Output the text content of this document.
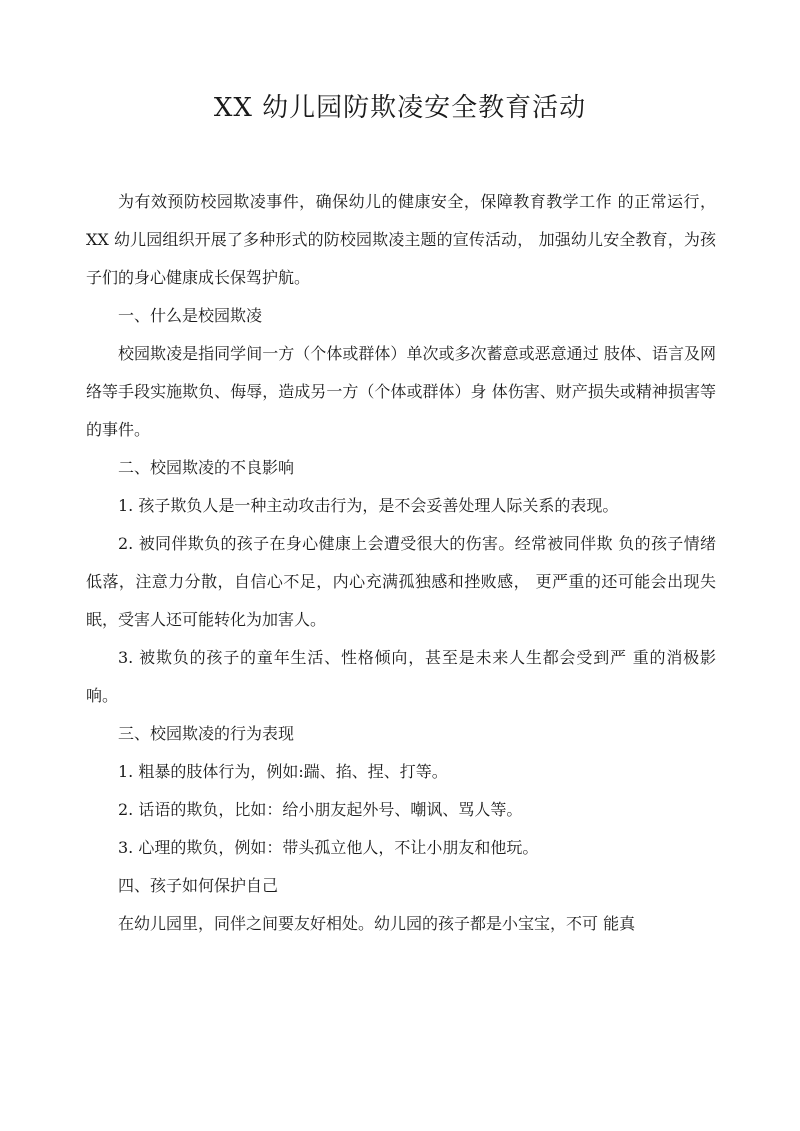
XX 幼儿园防欺凌安全教育活动

为有效预防校园欺凌事件，确保幼儿的健康安全，保障教育教学工作 的正常运行，XX 幼儿园组织开展了多种形式的防校园欺凌主题的宣传活动， 加强幼儿安全教育，为孩子们的身心健康成长保驾护航。

一、什么是校园欺凌

校园欺凌是指同学间一方（个体或群体）单次或多次蓄意或恶意通过 肢体、语言及网络等手段实施欺负、侮辱，造成另一方（个体或群体）身 体伤害、财产损失或精神损害等的事件。

二、校园欺凌的不良影响

1. 孩子欺负人是一种主动攻击行为，是不会妥善处理人际关系的表现。

2. 被同伴欺负的孩子在身心健康上会遭受很大的伤害。经常被同伴欺 负的孩子情绪低落，注意力分散，自信心不足，内心充满孤独感和挫败感， 更严重的还可能会出现失眠，受害人还可能转化为加害人。

3. 被欺负的孩子的童年生活、性格倾向，甚至是未来人生都会受到严 重的消极影响。

三、校园欺凌的行为表现

1. 粗暴的肢体行为，例如:踹、掐、捏、打等。

2. 话语的欺负，比如：给小朋友起外号、嘲讽、骂人等。

3. 心理的欺负，例如：带头孤立他人，不让小朋友和他玩。

四、孩子如何保护自己

在幼儿园里，同伴之间要友好相处。幼儿园的孩子都是小宝宝，不可 能真
